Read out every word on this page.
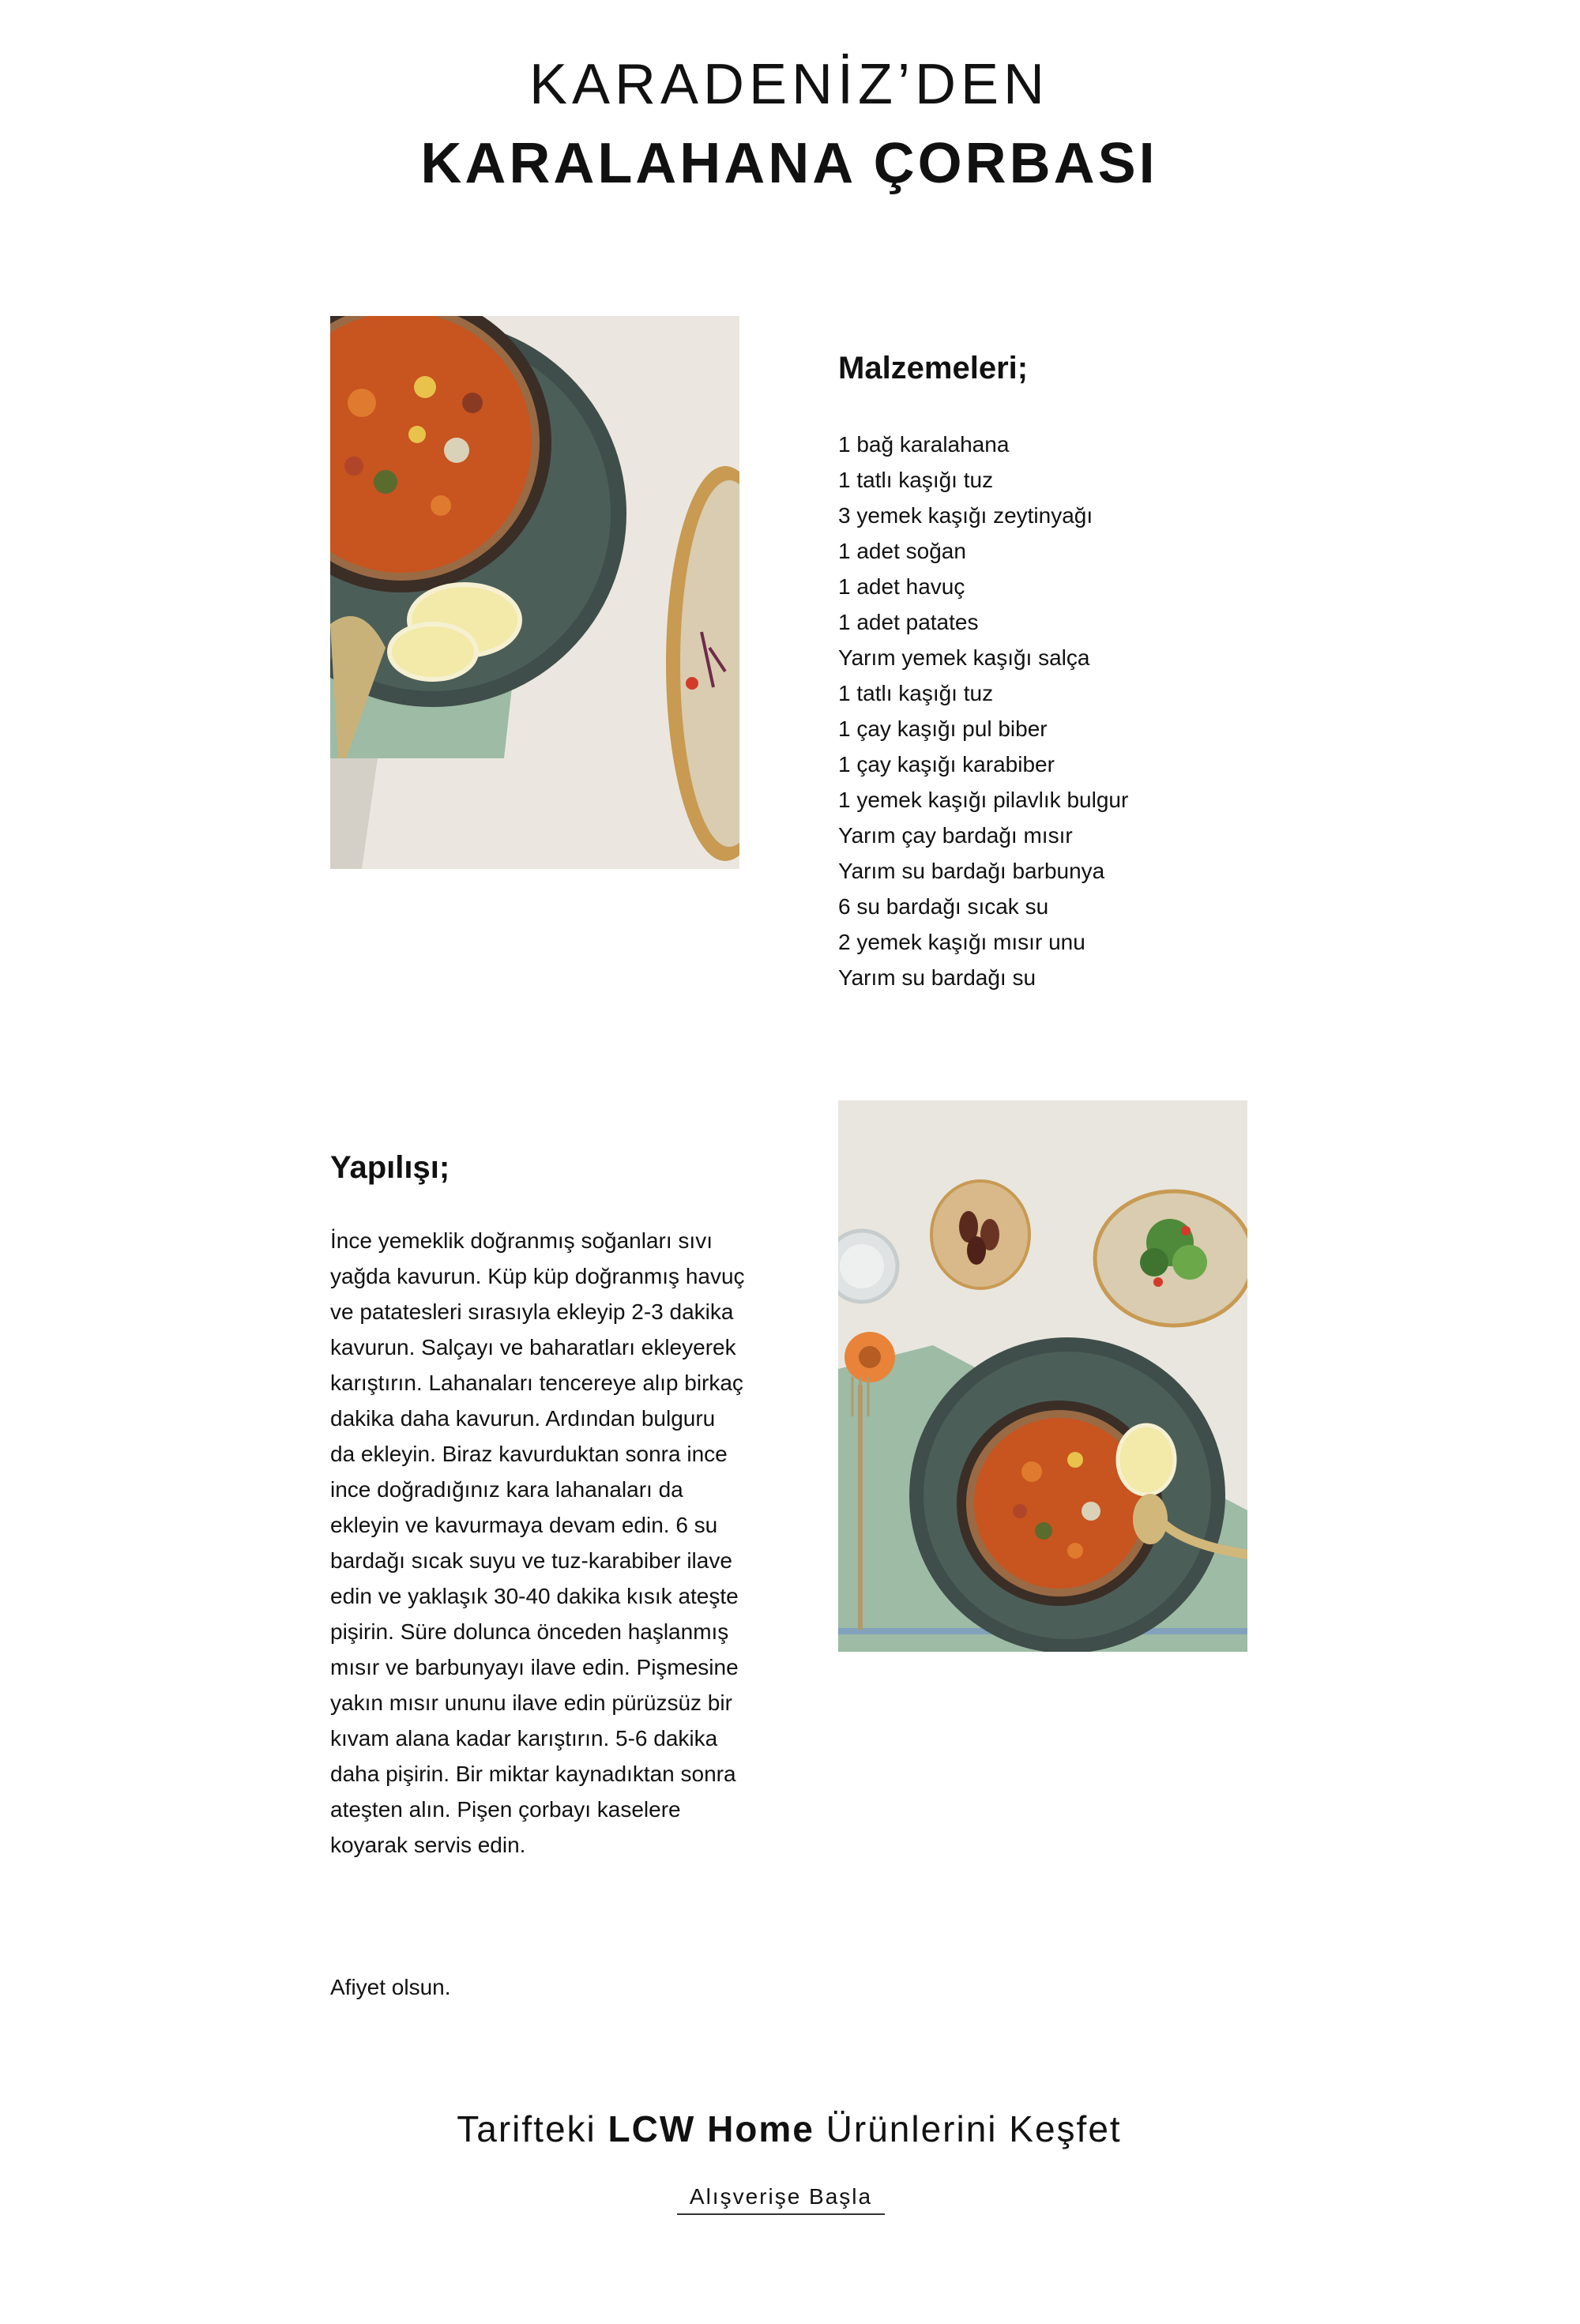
KARADENİZ’DEN
KARALAHANA ÇORBASI
Malzemeleri;
1 bağ karalahana
1 tatlı kaşığı tuz
3 yemek kaşığı zeytinyağı
1 adet soğan
1 adet havuç
1 adet patates
Yarım yemek kaşığı salça
1 tatlı kaşığı tuz
1 çay kaşığı pul biber
1 çay kaşığı karabiber
1 yemek kaşığı pilavlık bulgur
Yarım çay bardağı mısır
Yarım su bardağı barbunya
6 su bardağı sıcak su
2 yemek kaşığı mısır unu
Yarım su bardağı su
Yapılışı;

İnce yemeklik doğranmış soğanları sıvı yağda kavurun. Küp küp doğranmış havuç ve patatesleri sırasıyla ekleyip 2-3 dakika kavurun. Salçayı ve baharatları ekleyerek karıştırın. Lahanaları tencereye alıp birkaç dakika daha kavurun. Ardından bulguru da ekleyin. Biraz kavurduktan sonra ince ince doğradığınız kara lahanaları da ekleyin ve kavurmaya devam edin. 6 su bardağı sıcak suyu ve tuz-karabiber ilave edin ve yaklaşık 30-40 dakika kısık ateşte pişirin. Süre dolunca önceden haşlanmış mısır ve barbunyayı ilave edin. Pişmesine yakın mısır ununu ilave edin pürüzsüz bir kıvam alana kadar karıştırın. 5-6 dakika daha pişirin. Bir miktar kaynadıktan sonra ateşten alın. Pişen çorbayı kaselere koyarak servis edin.

Afiyet olsun.

Tarifteki LCW Home Ürünlerini Keşfet
Alışverişe Başla
